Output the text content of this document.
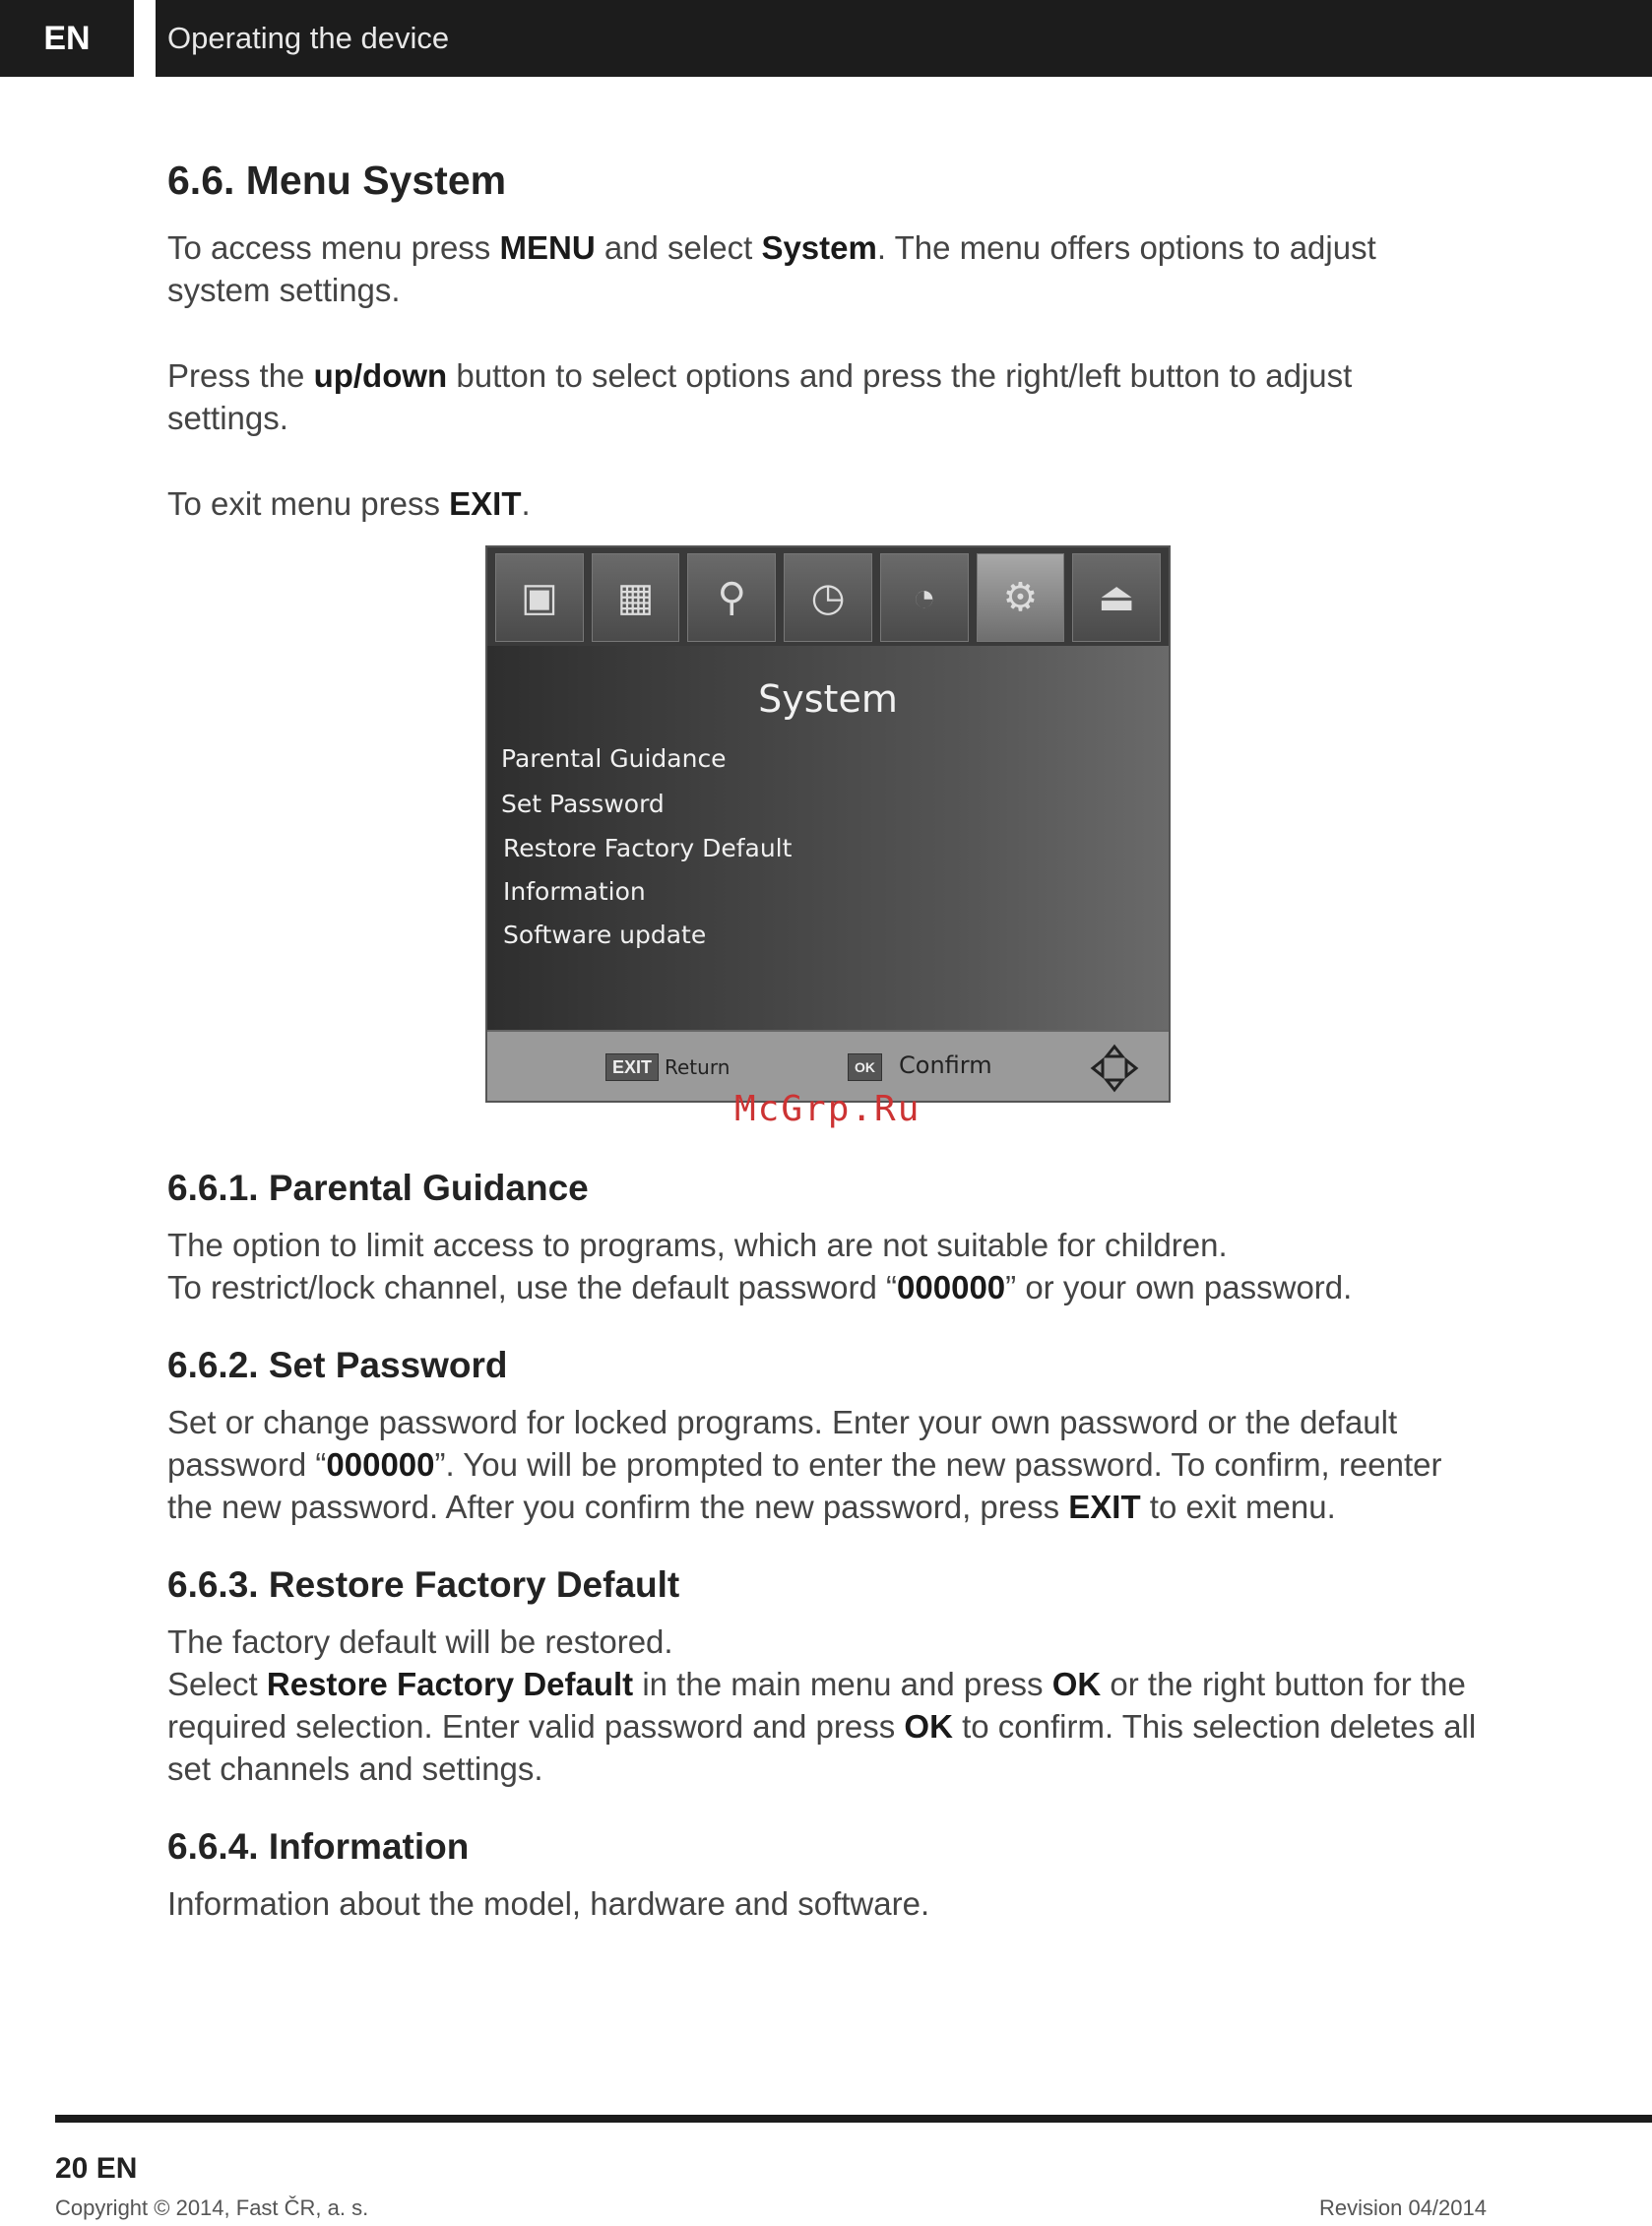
EN	Operating the device
6.6. Menu System

To access menu press MENU and select System. The menu offers options to adjust system settings.

Press the up/down button to select options and press the right/left button to adjust settings.

To exit menu press EXIT.

6.6.1. Parental Guidance

The option to limit access to programs, which are not suitable for children.

To restrict/lock channel, use the default password “000000” or your own password.

6.6.2. Set Password

Set or change password for locked programs. Enter your own password or the default password “000000”. You will be prompted to enter the new password. To confirm, reenter the new password. After you confirm the new password, press EXIT to exit menu.

6.6.3. Restore Factory Default

The factory default will be restored.

Select Restore Factory Default in the main menu and press OK or the right button for the required selection. Enter valid password and press OK to confirm. This selection deletes all set channels and settings.

6.6.4. Information

Information about the model, hardware and software.

▣	▦	⚲	◷	◔	⚙	⏏
System
Parental Guidance
Set Password
Restore Factory Default
Information
Software update
EXIT Return	OK Confirm
McGrp.Ru
20 EN
Copyright © 2014, Fast ČR, a. s.	Revision 04/2014
